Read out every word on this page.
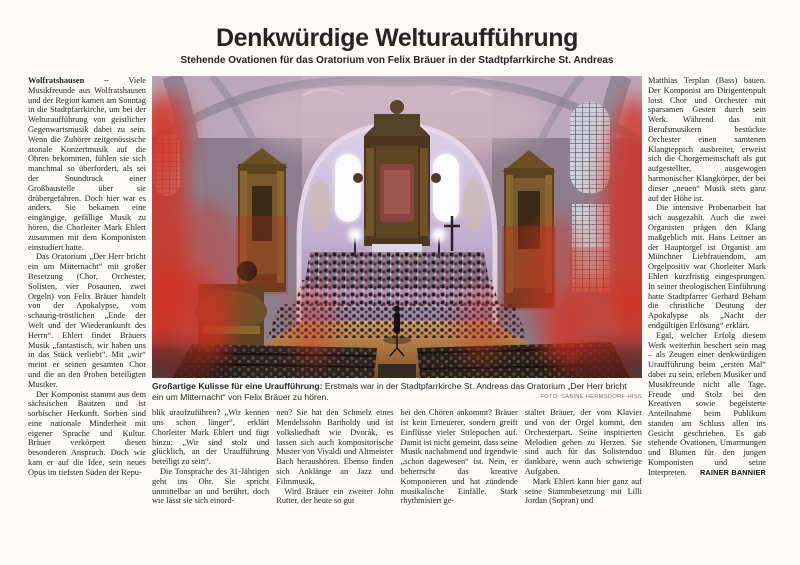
Denkwürdige Welturaufführung
Stehende Ovationen für das Oratorium von Felix Bräuer in der Stadtpfarrkirche St. Andreas

Wolfratshausen – Viele Musikfreunde aus Wolfratshausen und der Region kamen am Sonntag in die Stadtpfarrkirche, um bei der Welturaufführung von geistlicher Gegenwartsmusik dabei zu sein. Wenn die Zuhörer zeitgenössische atonale Konzertmusik auf die Ohren bekommen, fühlen sie sich manchmal so überfordert, als sei der Soundtrack einer Großbaustelle über sie drübergefahren. Doch hier war es anders. Sie bekamen eine eingängige, gefällige Musik zu hören, die Chorleiter Mark Ehlert zusammen mit dem Komponisten einstudiert hatte.

Das Oratorium „Der Herr bricht ein um Mitternacht“ mit großer Besetzung (Chor, Orchester, Solisten, vier Posaunen, zwei Orgeln) von Felix Bräuer handelt von der Apokalypse, vom schaurig-tröstlichen „Ende der Welt und der Wiederankunft des Herrn“. Ehlert findet Bräuers Musik „fantastisch, wir haben uns in das Stück verliebt“. Mit „wir“ meint er seinen gesamten Chor und die an den Proben beteiligten Musiker.

Der Komponist stammt aus dem sächsischen Bautzen und ist sorbischer Herkunft. Sorben sind eine nationale Minderheit mit eigener Sprache und Kultur. Bräuer verkörpert diesen besonderen Anspruch. Doch wie kam er auf die Idee, sein neues Opus im tiefsten Süden der Repu-

Großartige Kulisse für eine Uraufführung: Erstmals war in der Stadtpfarrkirche St. Andreas das Oratorium „Der Herr bricht ein um Mitternacht“ von Felix Bräuer zu hören.	FOTO: SABINE HERMSDORF-HISS

blik uraufzuführen? „Wir kennen uns schon länger“, erklärt Chorleiter Mark Ehlert und fügt hinzu: „Wir sind stolz und glücklich, an der Uraufführung beteiligt zu sein“.

Die Tonsprache des 31-Jährigen geht ins Ohr. Sie spricht unmittelbar an und berührt, doch wie lässt sie sich einord-

nen? Sie hat den Schmelz eines Mendelssohn Bartholdy und ist volksliedhaft wie Dvorák, es lassen sich auch kompositorische Muster von Vivaldi und Altmeister Bach heraushören. Ebenso finden sich Anklänge an Jazz und Filmmusik.

Wird Bräuer ein zweiter John Rutter, der heute so gut

bei den Chören ankommt? Bräuer ist kein Erneuerer, sondern greift Einflüsse vieler Stilepochen auf. Damit ist nicht gemeint, dass seine Musik nachahmend und irgendwie „schon dagewesen“ ist. Nein, er beherrscht das kreative Komponieren und hat zündende musikalische Einfälle. Stark rhythmisiert ge-

staltet Bräuer, der vom Klavier und von der Orgel kommt, den Orchesterpart. Seine inspirierten Melodien gehen zu Herzen. Sie sind auch für das Solistenduo dankbare, wenn auch schwierige Aufgaben.

Mark Ehlert kann hier ganz auf seine Stammbesetzung mit Lilli Jordan (Sopran) und

Matthias Terplan (Bass) bauen. Der Komponist am Dirigentenpult lotst Chor und Orchester mit sparsamen Gesten durch sein Werk. Während das mit Berufsmusikern bestückte Orchester einen samtenen Klangteppich ausbreitet, erweist sich die Chorgemeinschaft als gut aufgestellter, ausgewogen harmonischer Klangkörper, der bei dieser „neuen“ Musik stets ganz auf der Höhe ist.

Die intensive Probenarbeit hat sich ausgezahlt. Auch die zwei Organisten prägen den Klang maßgeblich mit. Hans Leitner an der Hauptorgel ist Organist am Münchner Liebfrauendom, am Orgelpositiv war Chorleiter Mark Ehlert kurzfristig eingesprungen. In seiner theologischen Einführung hatte Stadtpfarrer Gerhard Beham die christliche Deutung der Apokalypse als „Nacht der endgültigen Erlösung“ erklärt.

Egal, welcher Erfolg diesem Werk weiterhin beschert sein mag – als Zeugen einer denkwürdigen Uraufführung beim „ersten Mal“ dabei zu sein, erleben Musiker und Musikfreunde nicht alle Tage. Freude und Stolz bei den Kreativen sowie begeisterte Anteilnahme beim Publikum standen am Schluss allen ins Gesicht geschrieben. Es gab stehende Ovationen, Umarmungen und Blumen für den jungen Komponisten und seine Interpreten.	RAINER BANNIER
